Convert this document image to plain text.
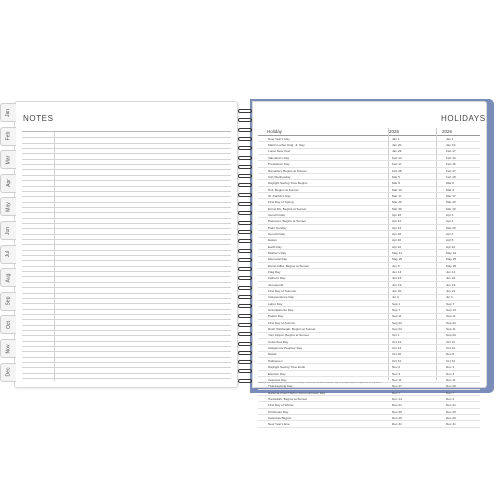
Jan
Feb
Mar
Apr
May
Jun
Jul
Aug
Sep
Oct
Nov
Dec
NOTES	HOLIDAYS
Holiday	2025	2026
New Year's Day	Jan 1	Jan 1
Martin Luther King, Jr. Day	Jan 20	Jan 19
Lunar New Year	Jan 29	Feb 17
Valentine's Day	Feb 14	Feb 14
Presidents' Day	Feb 17	Feb 16
Ramadan, Begins at Sunset	Feb 28	Feb 17
Ash Wednesday	Mar 5	Feb 18
Daylight Saving Time Begins	Mar 9	Mar 8
Holi, Begins at Sunset	Mar 13	Mar 3
St. Patrick's Day	Mar 17	Mar 17
First Day of Spring	Mar 20	Mar 20
Eid al-Fitr, Begins at Sunset	Mar 30	Mar 19
Good Friday	Apr 18	Apr 3
Passover, Begins at Sunset	Apr 12	Apr 1
Palm Sunday	Apr 13	Mar 29
Good Friday	Apr 18	Apr 3
Easter	Apr 20	Apr 5
Earth Day	Apr 22	Apr 22
Mother's Day	May 11	May 10
Memorial Day	May 26	May 25
Eid al-Adha, Begins at Sunset	Jun 6	May 26
Flag Day	Jun 14	Jun 14
Father's Day	Jun 15	Jun 21
Juneteenth	Jun 19	Jun 19
First Day of Summer	Jun 20	Jun 21
Independence Day	Jul 4	Jul 4
Labor Day	Sep 1	Sep 7
Grandparents Day	Sep 7	Sep 13
Patriot Day	Sep 11	Sep 11
First Day of Autumn	Sep 22	Sep 22
Rosh Hashanah, Begins at Sunset	Sep 22	Sep 11
Yom Kippur, Begins at Sunset	Oct 1	Sep 20
Columbus Day	Oct 13	Oct 12
Indigenous Peoples' Day	Oct 13	Oct 12
Diwali	Oct 20	Nov 8
Halloween	Oct 31	Oct 31
Daylight Saving Time Ends	Nov 2	Nov 1
Election Day	Nov 4	Nov 3
Veterans Day	Nov 11	Nov 11
Thanksgiving Day	Nov 27	Nov 26
National Pearl Harbor Remembrance Day	Dec 7	Dec 7
Hanukkah, Begins at Sunset	Dec 14	Dec 4
First Day of Winter	Dec 21	Dec 21
Christmas Day	Dec 25	Dec 25
Kwanzaa Begins	Dec 26	Dec 26
New Year's Eve	Dec 31	Dec 31
Holidays are approximate at the time of printing. Observing and other holidays may vary depending on religious or local practice.
